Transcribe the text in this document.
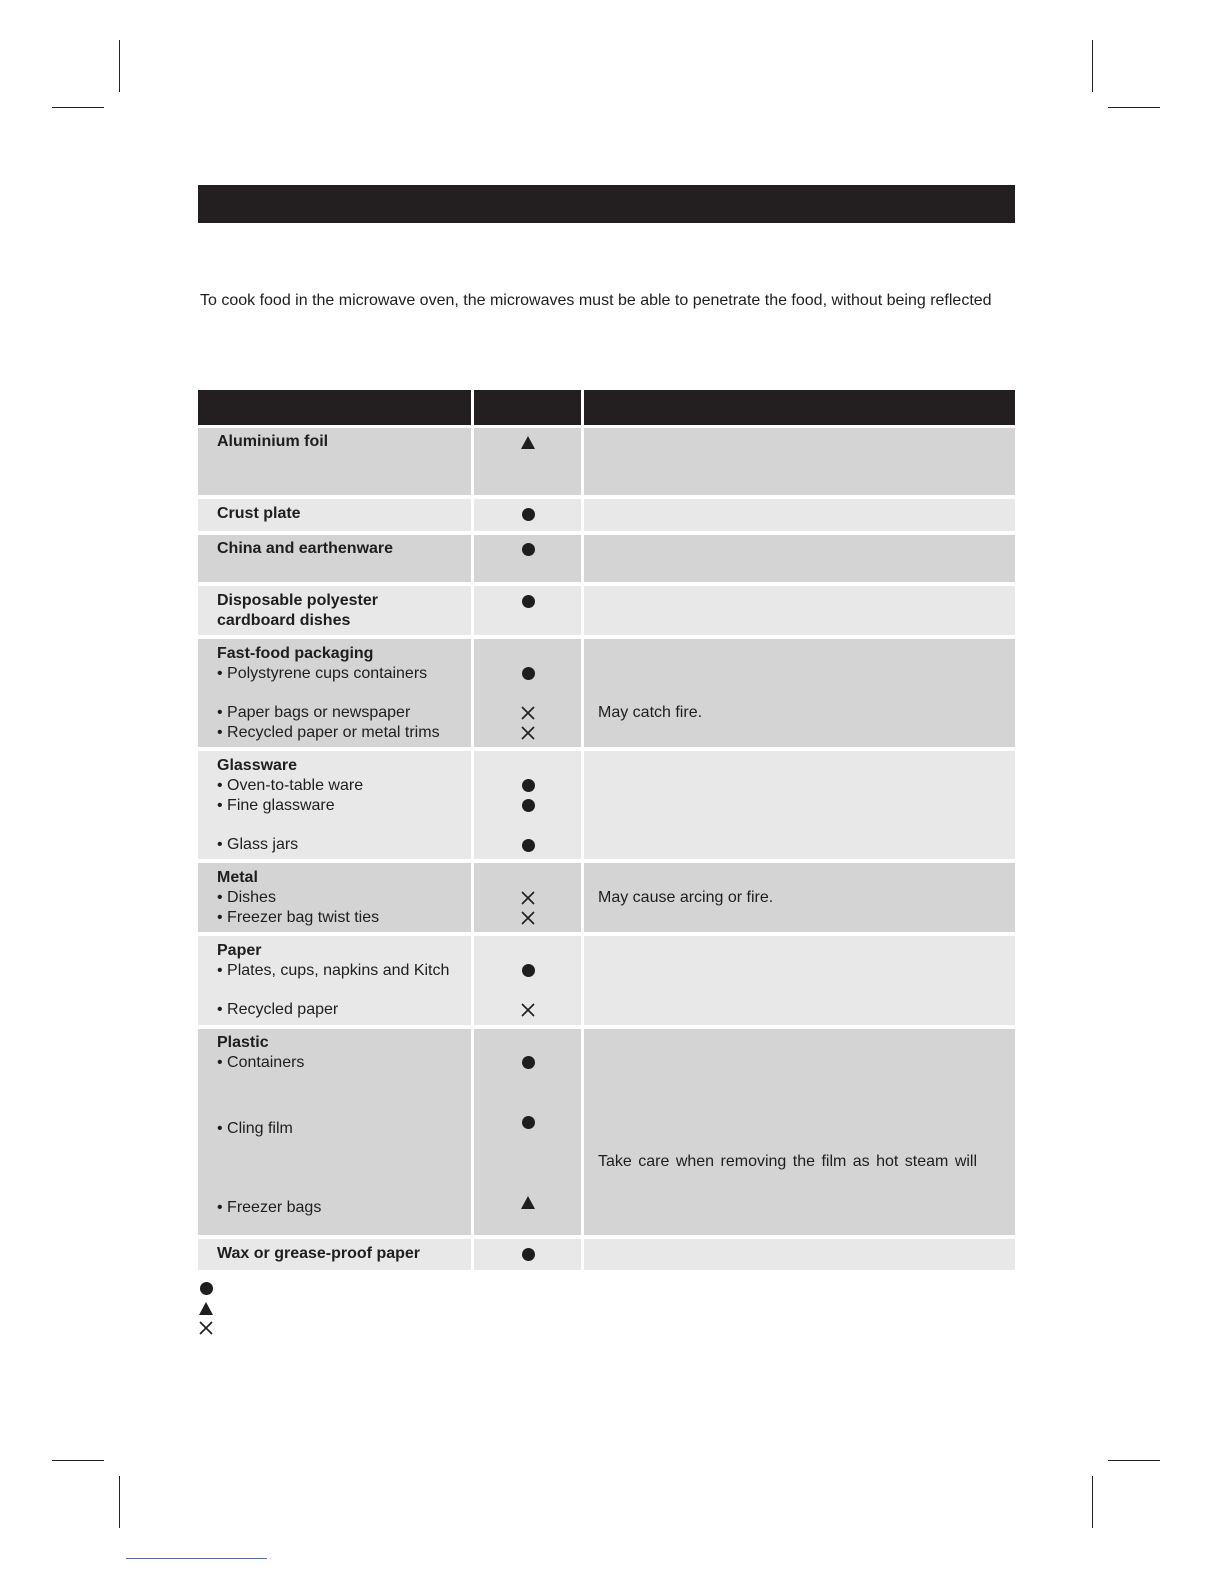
To cook food in the microwave oven, the microwaves must be able to penetrate the food, without being reflected
Aluminium foil
Crust plate
China and earthenware
Disposable polyester
cardboard dishes
Fast-food packaging
• Polystyrene cups containers
• Paper bags or newspaper
• Recycled paper or metal trims
May catch fire.
Glassware
• Oven-to-table ware
• Fine glassware
• Glass jars
Metal
• Dishes
• Freezer bag twist ties
May cause arcing or fire.
Paper
• Plates, cups, napkins and Kitch
• Recycled paper
Plastic
• Containers
• Cling film
• Freezer bags
Take care when removing the film as hot steam will
Wax or grease-proof paper
